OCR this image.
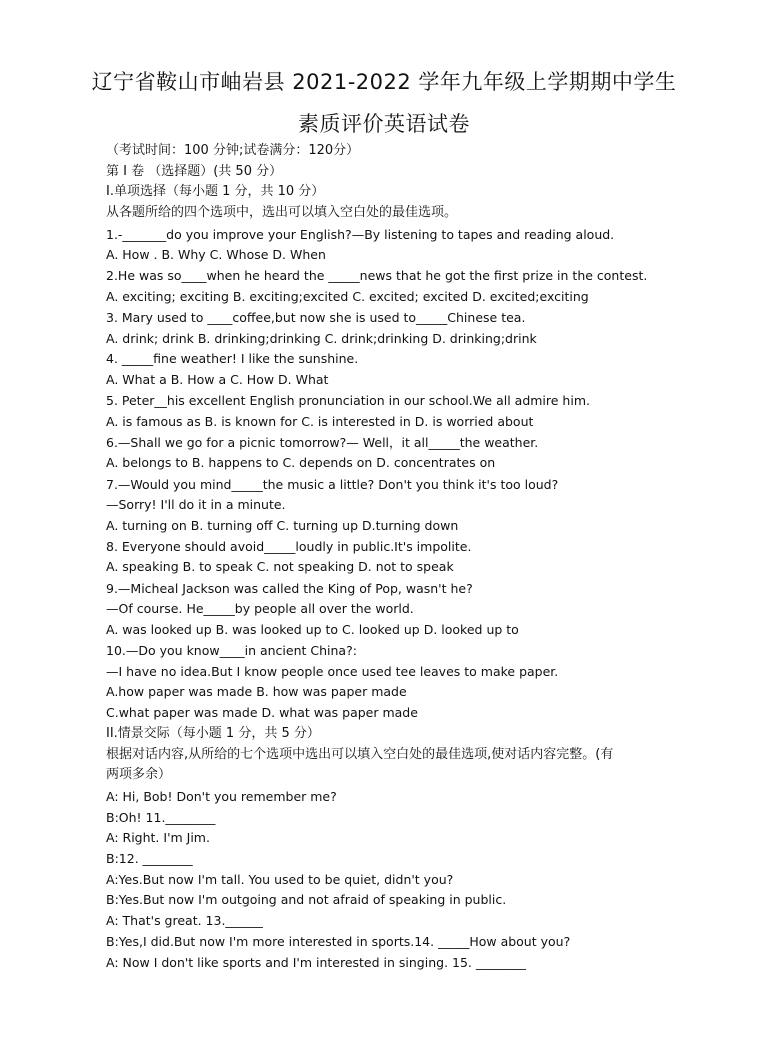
辽宁省鞍山市岫岩县 2021-2022 学年九年级上学期期中学生
素质评价英语试卷
（考试时间：100 分钟;试卷满分：120分）
第 I 卷 （选择题）(共 50 分）
I.单项选择（每小题 1 分，共 10 分）
从各题所给的四个选项中，选出可以填入空白处的最佳选项。
1.-_______do you improve your English?—By listening to tapes and reading aloud.
A. How . B. Why C. Whose D. When
2.He was so____when he heard the _____news that he got the first prize in the contest.
A. exciting; exciting B. exciting;excited C. excited; excited D. excited;exciting
3. Mary used to ____coffee,but now she is used to_____Chinese tea.
A. drink; drink B. drinking;drinking C. drink;drinking D. drinking;drink
4. _____fine weather! I like the sunshine.
A. What a B. How a C. How D. What
5. Peter__his excellent English pronunciation in our school.We all admire him.
A. is famous as B. is known for C. is interested in D. is worried about
6.—Shall we go for a picnic tomorrow?— Well，it all_____the weather.
A. belongs to B. happens to C. depends on D. concentrates on
7.—Would you mind_____the music a little? Don't you think it's too loud?
—Sorry! I'll do it in a minute.
A. turning on B. turning off C. turning up D.turning down
8. Everyone should avoid_____loudly in public.It's impolite.
A. speaking B. to speak C. not speaking D. not to speak
9.—Micheal Jackson was called the King of Pop, wasn't he?
—Of course. He_____by people all over the world.
A. was looked up B. was looked up to C. looked up D. looked up to
10.—Do you know____in ancient China?:
—I have no idea.But I know people once used tee leaves to make paper.
A.how paper was made B. how was paper made
C.what paper was made D. what was paper made
II.情景交际（每小题 1 分，共 5 分）
根据对话内容,从所给的七个选项中选出可以填入空白处的最佳选项,使对话内容完整。(有
两项多余）
A: Hi, Bob! Don't you remember me?
B:Oh! 11.________
A: Right. I'm Jim.
B:12. ________
A:Yes.But now I'm tall. You used to be quiet, didn't you?
B:Yes.But now I'm outgoing and not afraid of speaking in public.
A: That's great. 13.______
B:Yes,I did.But now I'm more interested in sports.14. _____How about you?
A: Now I don't like sports and I'm interested in singing. 15. ________
